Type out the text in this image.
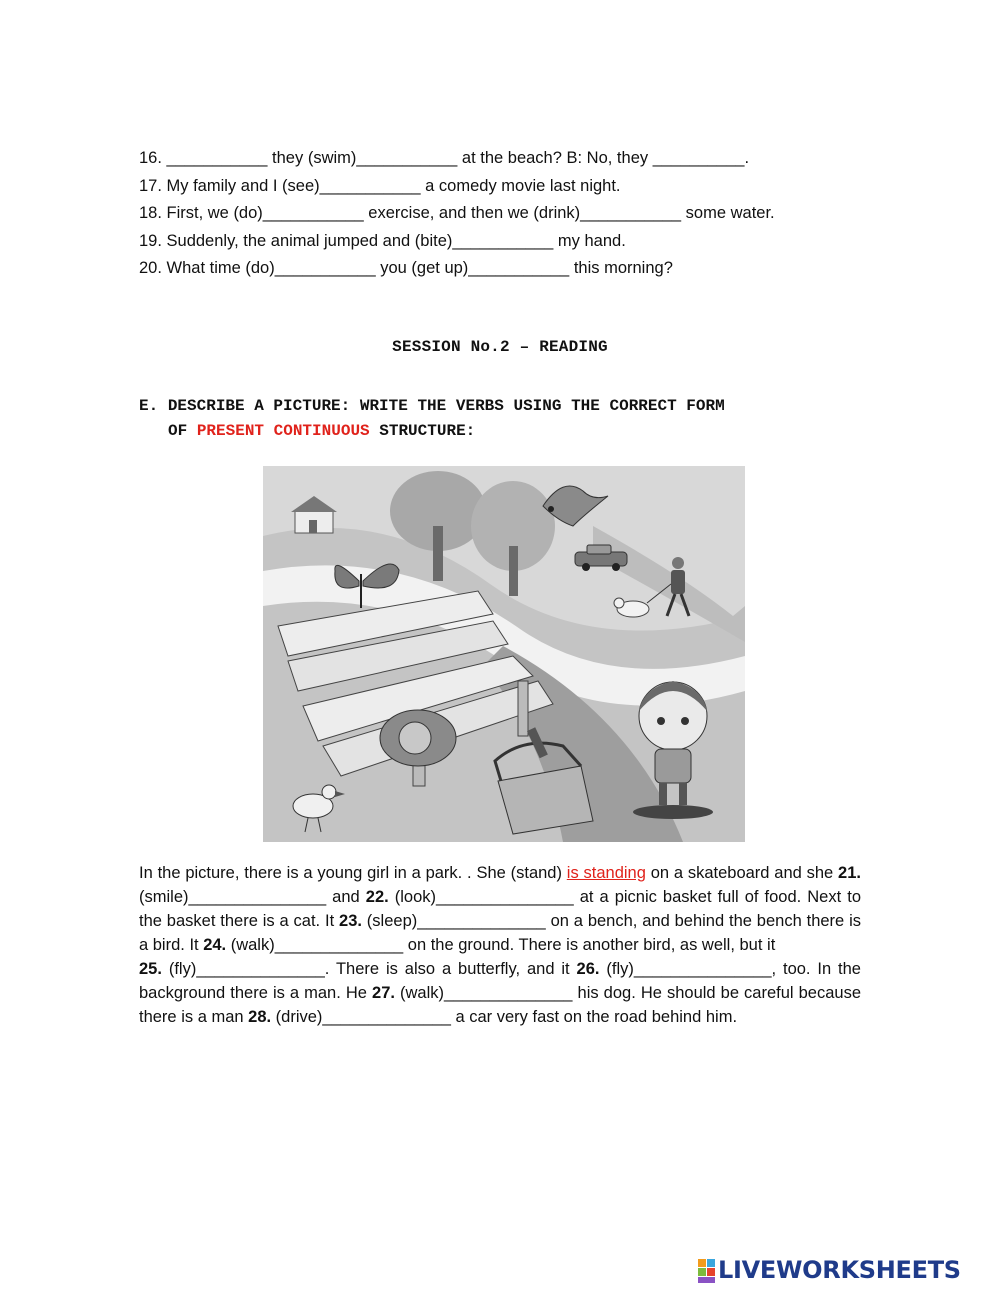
16. ___________ they (swim)___________ at the beach? B: No, they __________.
17. My family and I (see)___________ a comedy movie last night.
18. First, we (do)___________ exercise, and then we (drink)___________ some water.
19. Suddenly, the animal jumped and (bite)___________ my hand.
20. What time (do)___________ you (get up)___________ this morning?
SESSION No.2 – READING
E. DESCRIBE A PICTURE: WRITE THE VERBS USING THE CORRECT FORM
OF PRESENT CONTINUOUS STRUCTURE:

In the picture, there is a young girl in a park. . She (stand) is standing on a skateboard and she 21. (smile)_______________ and 22. (look)_______________ at a picnic basket full of food. Next to the basket there is a cat. It 23. (sleep)______________ on a bench, and behind the bench there is a bird. It 24. (walk)______________ on the ground. There is another bird, as well, but it

25. (fly)______________. There is also a butterfly, and it 26. (fly)_______________, too. In the background there is a man. He 27. (walk)______________ his dog. He should be careful because there is a man 28. (drive)______________ a car very fast on the road behind him.

LIVEWORKSHEETS
